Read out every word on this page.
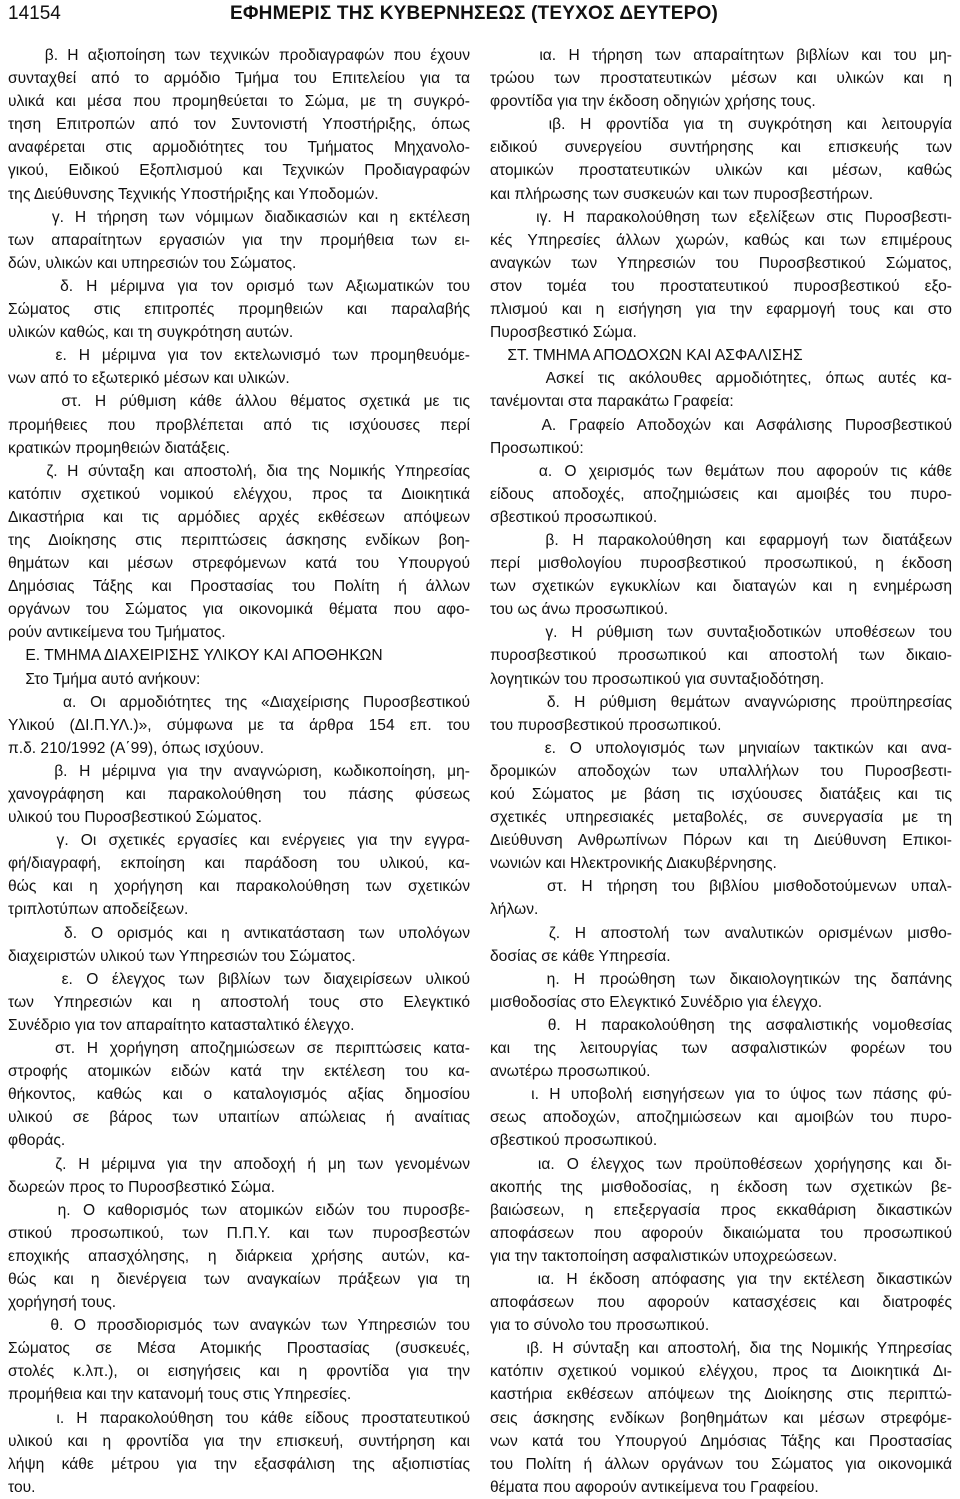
14154	ΕΦΗΜΕΡΙΣ ΤΗΣ ΚΥΒΕΡΝΗΣΕΩΣ (ΤΕΥΧΟΣ ΔΕΥΤΕΡΟ)
β. Η αξιοποίηση των τεχνικών προδιαγραφών που έχουν
συνταχθεί από το αρμόδιο Τμήμα του Επιτελείου για τα
υλικά και μέσα που προμηθεύεται το Σώμα, με τη συγκρό-
τηση Επιτροπών από τον Συντονιστή Υποστήριξης, όπως
αναφέρεται στις αρμοδιότητες του Τμήματος Μηχανολο-
γικού, Ειδικού Εξοπλισμού και Τεχνικών Προδιαγραφών
της Διεύθυνσης Τεχνικής Υποστήριξης και Υποδομών.
γ. Η τήρηση των νόμιμων διαδικασιών και η εκτέλεση
των απαραίτητων εργασιών για την προμήθεια των ει-
δών, υλικών και υπηρεσιών του Σώματος.
δ. Η μέριμνα για τον ορισμό των Αξιωματικών του
Σώματος στις επιτροπές προμηθειών και παραλαβής
υλικών καθώς, και τη συγκρότηση αυτών.
ε. Η μέριμνα για τον εκτελωνισμό των προμηθευόμε-
νων από το εξωτερικό μέσων και υλικών.
στ. Η ρύθμιση κάθε άλλου θέματος σχετικά με τις
προμήθειες που προβλέπεται από τις ισχύουσες περί
κρατικών προμηθειών διατάξεις.
ζ. Η σύνταξη και αποστολή, δια της Νομικής Υπηρεσίας
κατόπιν σχετικού νομικού ελέγχου, προς τα Διοικητικά
Δικαστήρια και τις αρμόδιες αρχές εκθέσεων απόψεων
της Διοίκησης στις περιπτώσεις άσκησης ενδίκων βοη-
θημάτων και μέσων στρεφόμενων κατά του Υπουργού
Δημόσιας Τάξης και Προστασίας του Πολίτη ή άλλων
οργάνων του Σώματος για οικονομικά θέματα που αφο-
ρούν αντικείμενα του Τμήματος.
Ε. ΤΜΗΜΑ ΔΙΑΧΕΙΡΙΣΗΣ ΥΛΙΚΟΥ ΚΑΙ ΑΠΟΘΗΚΩΝ
Στο Τμήμα αυτό ανήκουν:
α. Οι αρμοδιότητες της «Διαχείρισης Πυροσβεστικού
Υλικού (ΔΙ.Π.ΥΛ.)», σύμφωνα με τα άρθρα 154 επ. του
π.δ. 210/1992 (Α΄99), όπως ισχύουν.
β. Η μέριμνα για την αναγνώριση, κωδικοποίηση, μη-
χανογράφηση και παρακολούθηση του πάσης φύσεως
υλικού του Πυροσβεστικού Σώματος.
γ. Οι σχετικές εργασίες και ενέργειες για την εγγρα-
φή/διαγραφή, εκποίηση και παράδοση του υλικού, κα-
θώς και η χορήγηση και παρακολούθηση των σχετικών
τριπλοτύπων αποδείξεων.
δ. Ο ορισμός και η αντικατάσταση των υπολόγων
διαχειριστών υλικού των Υπηρεσιών του Σώματος.
ε. Ο έλεγχος των βιβλίων των διαχειρίσεων υλικού
των Υπηρεσιών και η αποστολή τους στο Ελεγκτικό
Συνέδριο για τον απαραίτητο κατασταλτικό έλεγχο.
στ. Η χορήγηση αποζημιώσεων σε περιπτώσεις κατα-
στροφής ατομικών ειδών κατά την εκτέλεση του κα-
θήκοντος, καθώς και ο καταλογισμός αξίας δημοσίου
υλικού σε βάρος των υπαιτίων απώλειας ή αναίτιας
φθοράς.
ζ. Η μέριμνα για την αποδοχή ή μη των γενομένων
δωρεών προς το Πυροσβεστικό Σώμα.
η. Ο καθορισμός των ατομικών ειδών του πυροσβε-
στικού προσωπικού, των Π.Π.Υ. και των πυροσβεστών
εποχικής απασχόλησης, η διάρκεια χρήσης αυτών, κα-
θώς και η διενέργεια των αναγκαίων πράξεων για τη
χορήγησή τους.
θ. Ο προσδιορισμός των αναγκών των Υπηρεσιών του
Σώματος σε Μέσα Ατομικής Προστασίας (συσκευές,
στολές κ.λπ.), οι εισηγήσεις και η φροντίδα για την
προμήθεια και την κατανομή τους στις Υπηρεσίες.
ι. Η παρακολούθηση του κάθε είδους προστατευτικού
υλικού και η φροντίδα για την επισκευή, συντήρηση και
λήψη κάθε μέτρου για την εξασφάλιση της αξιοπιστίας
του.
ια. Η τήρηση των απαραίτητων βιβλίων και του μη-
τρώου των προστατευτικών μέσων και υλικών και η
φροντίδα για την έκδοση οδηγιών χρήσης τους.
ιβ. Η φροντίδα για τη συγκρότηση και λειτουργία
ειδικού συνεργείου συντήρησης και επισκευής των
ατομικών προστατευτικών υλικών και μέσων, καθώς
και πλήρωσης των συσκευών και των πυροσβεστήρων.
ιγ. Η παρακολούθηση των εξελίξεων στις Πυροσβεστι-
κές Υπηρεσίες άλλων χωρών, καθώς και των επιμέρους
αναγκών των Υπηρεσιών του Πυροσβεστικού Σώματος,
στον τομέα του προστατευτικού πυροσβεστικού εξο-
πλισμού και η εισήγηση για την εφαρμογή τους και στο
Πυροσβεστικό Σώμα.
ΣΤ. ΤΜΗΜΑ ΑΠΟΔΟΧΩΝ ΚΑΙ ΑΣΦΑΛΙΣΗΣ
Ασκεί τις ακόλουθες αρμοδιότητες, όπως αυτές κα-
τανέμονται στα παρακάτω Γραφεία:
Α. Γραφείο Αποδοχών και Ασφάλισης Πυροσβεστικού
Προσωπικού:
α. Ο χειρισμός των θεμάτων που αφορούν τις κάθε
είδους αποδοχές, αποζημιώσεις και αμοιβές του πυρο-
σβεστικού προσωπικού.
β. Η παρακολούθηση και εφαρμογή των διατάξεων
περί μισθολογίου πυροσβεστικού προσωπικού, η έκδοση
των σχετικών εγκυκλίων και διαταγών και η ενημέρωση
του ως άνω προσωπικού.
γ. Η ρύθμιση των συνταξιοδοτικών υποθέσεων του
πυροσβεστικού προσωπικού και αποστολή των δικαιο-
λογητικών του προσωπικού για συνταξιοδότηση.
δ. Η ρύθμιση θεμάτων αναγνώρισης προϋπηρεσίας
του πυροσβεστικού προσωπικού.
ε. Ο υπολογισμός των μηνιαίων τακτικών και ανα-
δρομικών αποδοχών των υπαλλήλων του Πυροσβεστι-
κού Σώματος με βάση τις ισχύουσες διατάξεις και τις
σχετικές υπηρεσιακές μεταβολές, σε συνεργασία με τη
Διεύθυνση Ανθρωπίνων Πόρων και τη Διεύθυνση Επικοι-
νωνιών και Ηλεκτρονικής Διακυβέρνησης.
στ. Η τήρηση του βιβλίου μισθοδοτούμενων υπαλ-
λήλων.
ζ. Η αποστολή των αναλυτικών ορισμένων μισθο-
δοσίας σε κάθε Υπηρεσία.
η. Η προώθηση των δικαιολογητικών της δαπάνης
μισθοδοσίας στο Ελεγκτικό Συνέδριο για έλεγχο.
θ. Η παρακολούθηση της ασφαλιστικής νομοθεσίας
και της λειτουργίας των ασφαλιστικών φορέων του
ανωτέρω προσωπικού.
ι. Η υποβολή εισηγήσεων για το ύψος των πάσης φύ-
σεως αποδοχών, αποζημιώσεων και αμοιβών του πυρο-
σβεστικού προσωπικού.
ια. Ο έλεγχος των προϋποθέσεων χορήγησης και δι-
ακοπής της μισθοδοσίας, η έκδοση των σχετικών βε-
βαιώσεων, η επεξεργασία προς εκκαθάριση δικαστικών
αποφάσεων που αφορούν δικαιώματα του προσωπικού
για την τακτοποίηση ασφαλιστικών υποχρεώσεων.
ια. Η έκδοση απόφασης για την εκτέλεση δικαστικών
αποφάσεων που αφορούν κατασχέσεις και διατροφές
για το σύνολο του προσωπικού.
ιβ. Η σύνταξη και αποστολή, δια της Νομικής Υπηρεσίας
κατόπιν σχετικού νομικού ελέγχου, προς τα Διοικητικά Δι-
καστήρια εκθέσεων απόψεων της Διοίκησης στις περιπτώ-
σεις άσκησης ενδίκων βοηθημάτων και μέσων στρεφόμε-
νων κατά του Υπουργού Δημόσιας Τάξης και Προστασίας
του Πολίτη ή άλλων οργάνων του Σώματος για οικονομικά
θέματα που αφορούν αντικείμενα του Γραφείου.
